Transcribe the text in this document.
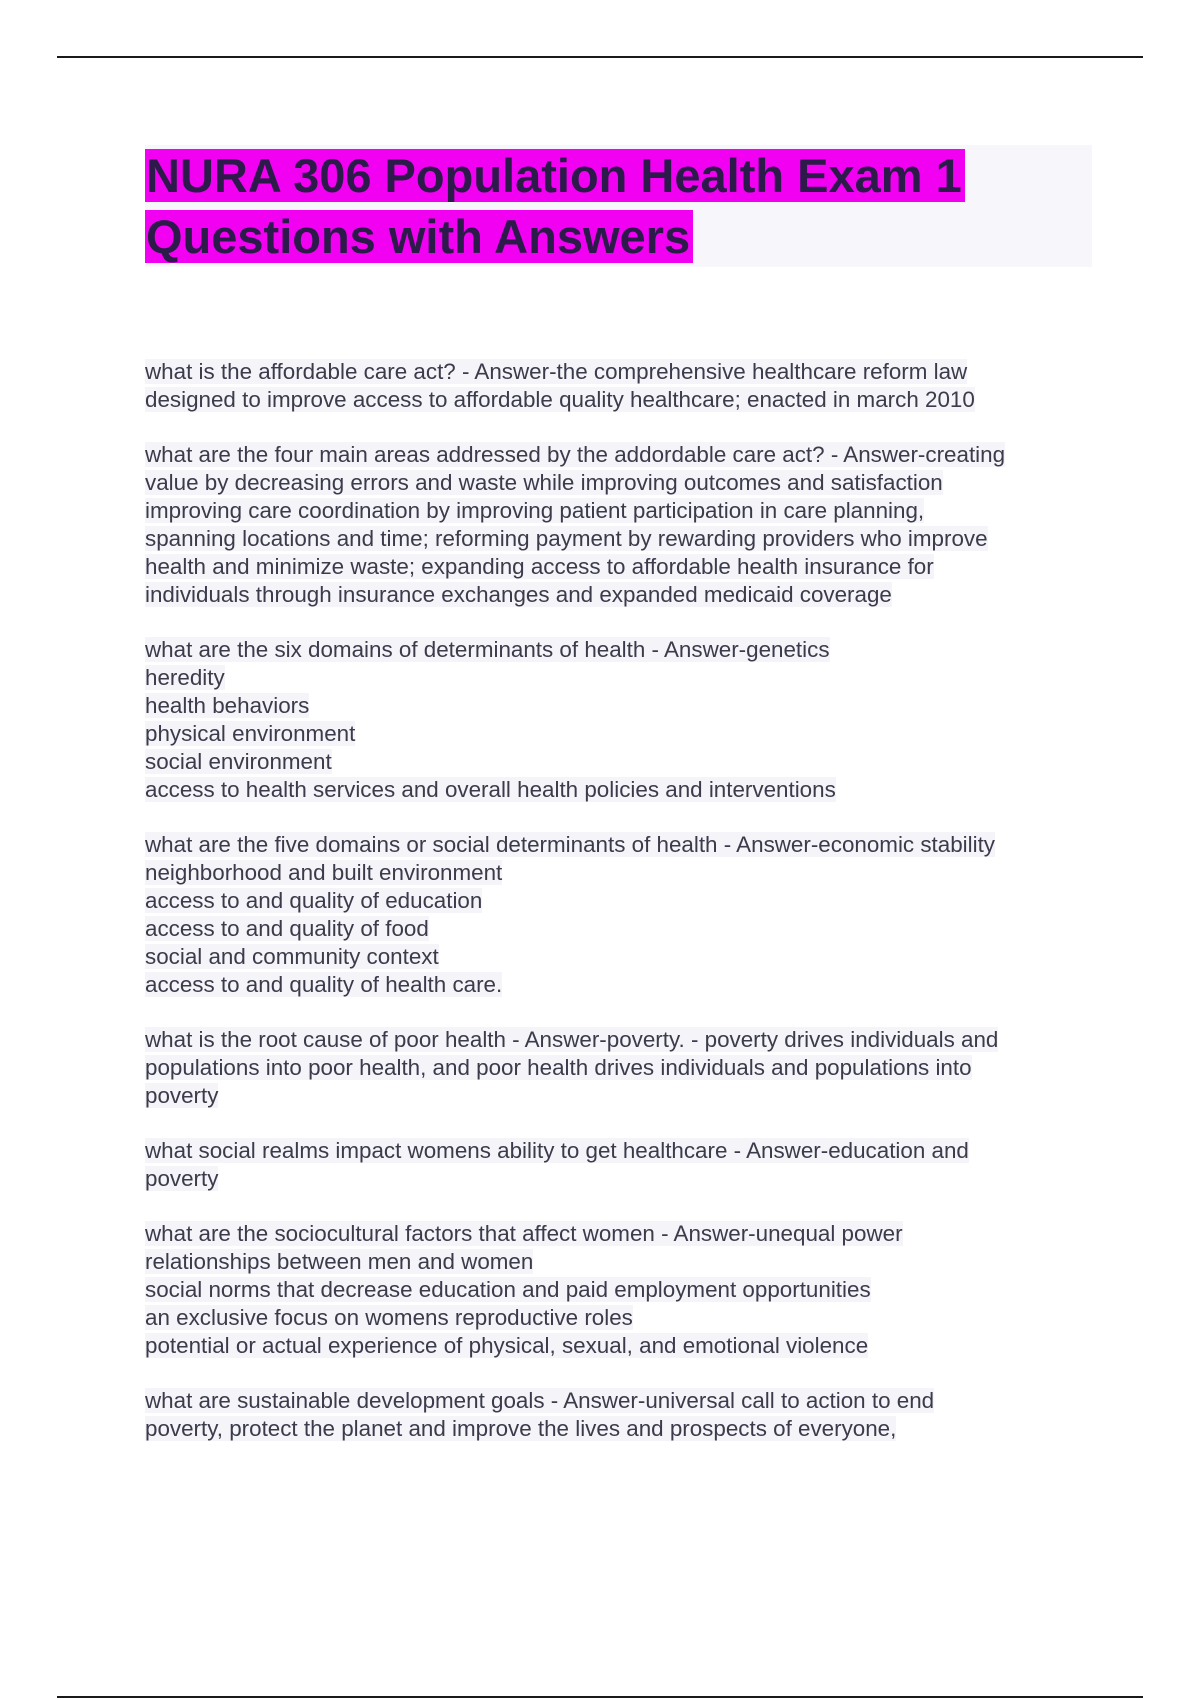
NURA 306 Population Health Exam 1
Questions with Answers
what is the affordable care act? - Answer-the comprehensive healthcare reform law
designed to improve access to affordable quality healthcare; enacted in march 2010
what are the four main areas addressed by the addordable care act? - Answer-creating
value by decreasing errors and waste while improving outcomes and satisfaction
improving care coordination by improving patient participation in care planning,
spanning locations and time; reforming payment by rewarding providers who improve
health and minimize waste; expanding access to affordable health insurance for
individuals through insurance exchanges and expanded medicaid coverage
what are the six domains of determinants of health - Answer-genetics
heredity
health behaviors
physical environment
social environment
access to health services and overall health policies and interventions
what are the five domains or social determinants of health - Answer-economic stability
neighborhood and built environment
access to and quality of education
access to and quality of food
social and community context
access to and quality of health care.
what is the root cause of poor health - Answer-poverty. - poverty drives individuals and
populations into poor health, and poor health drives individuals and populations into
poverty
what social realms impact womens ability to get healthcare - Answer-education and
poverty
what are the sociocultural factors that affect women - Answer-unequal power
relationships between men and women
social norms that decrease education and paid employment opportunities
an exclusive focus on womens reproductive roles
potential or actual experience of physical, sexual, and emotional violence
what are sustainable development goals - Answer-universal call to action to end
poverty, protect the planet and improve the lives and prospects of everyone,
